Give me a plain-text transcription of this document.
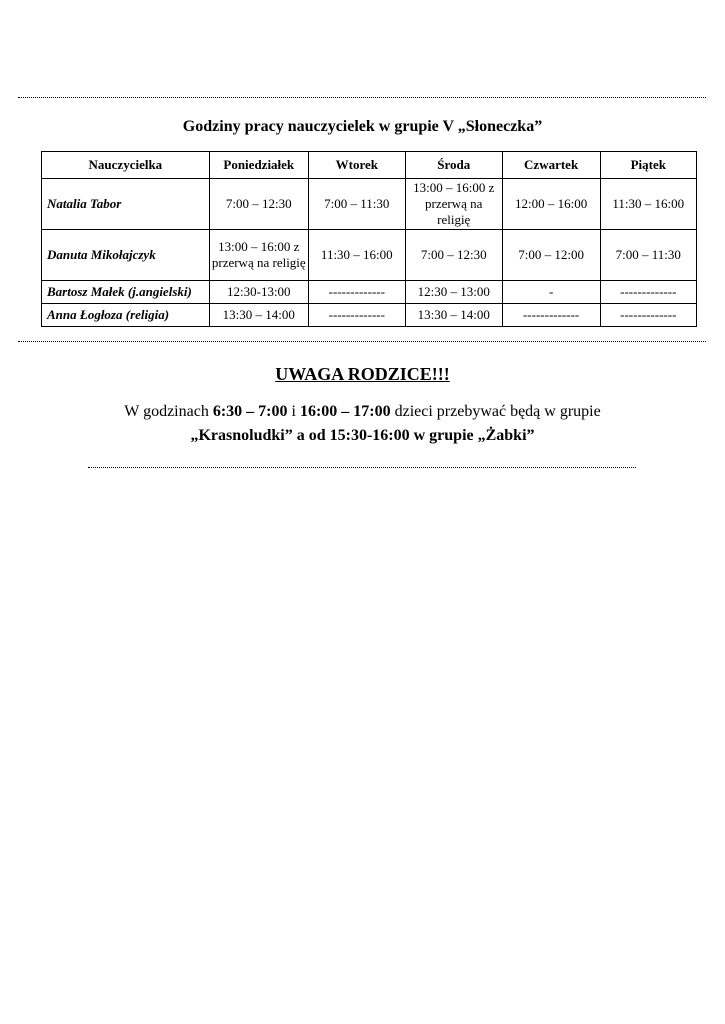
Godziny pracy nauczycielek w grupie V „Słoneczka”
Nauczycielka	Poniedziałek	Wtorek	Środa	Czwartek	Piątek
Natalia Tabor	7:00 – 12:30	7:00 – 11:30	13:00 – 16:00 z przerwą na religię	12:00 – 16:00	11:30 – 16:00
Danuta Mikołajczyk	13:00 – 16:00 z przerwą na religię	11:30 – 16:00	7:00 – 12:30	7:00 – 12:00	7:00 – 11:30
Bartosz Małek (j.angielski)	12:30-13:00	-------------	12:30 – 13:00	-	-------------
Anna Łogłoza (religia)	13:30 – 14:00	-------------	13:30 – 14:00	-------------	-------------
UWAGA RODZICE!!!
W godzinach 6:30 – 7:00 i 16:00 – 17:00 dzieci przebywać będą w grupie
„Krasnoludki” a od 15:30-16:00 w grupie „Żabki”
